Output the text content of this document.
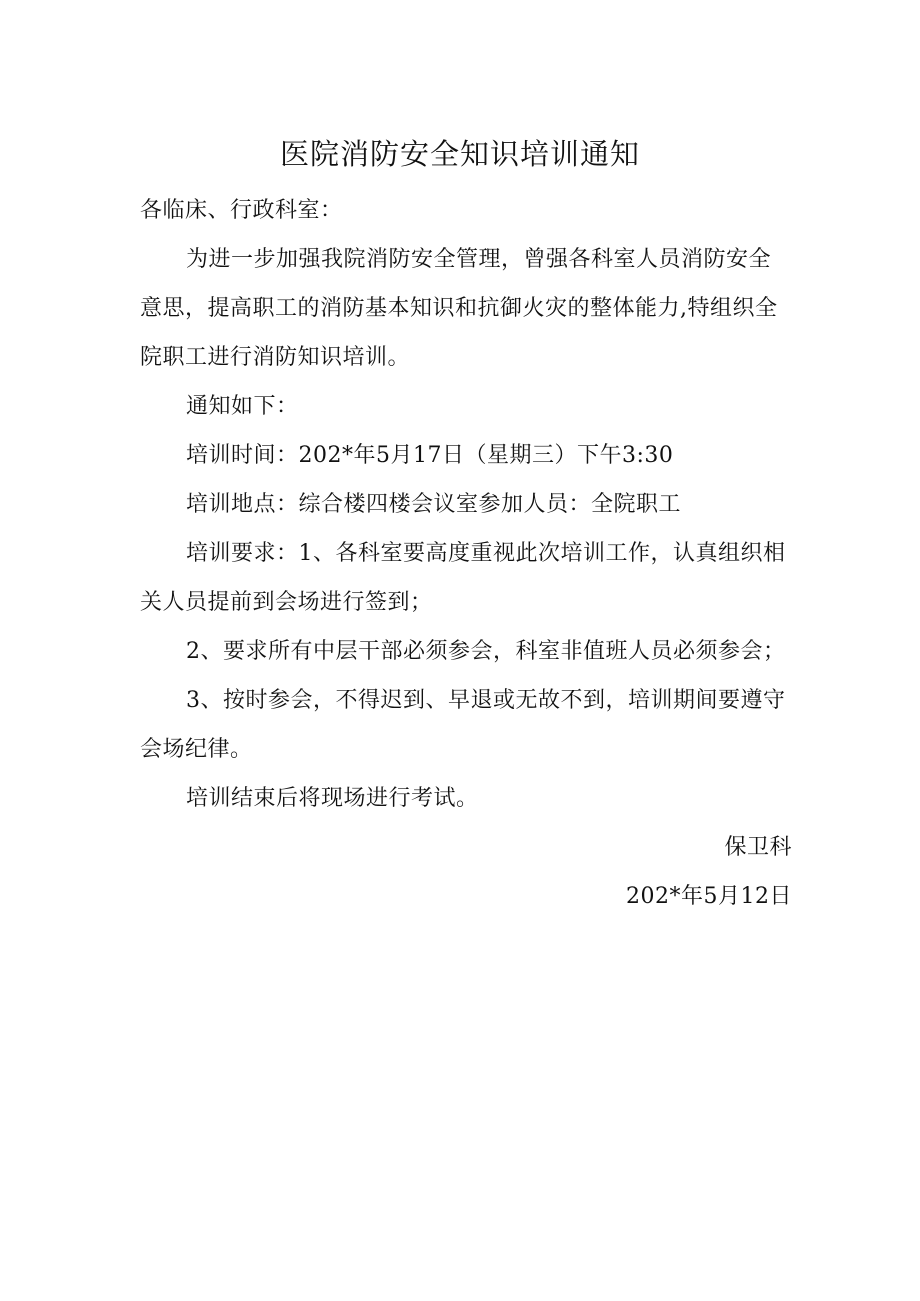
医院消防安全知识培训通知

各临床、行政科室：

为进一步加强我院消防安全管理，曾强各科室人员消防安全意思，提高职工的消防基本知识和抗御火灾的整体能力,特组织全院职工进行消防知识培训。

通知如下：

培训时间：202*年5月17日（星期三）下午3:30

培训地点：综合楼四楼会议室参加人员：全院职工

培训要求：1、各科室要高度重视此次培训工作，认真组织相关人员提前到会场进行签到；

2、要求所有中层干部必须参会，科室非值班人员必须参会；

3、按时参会，不得迟到、早退或无故不到，培训期间要遵守会场纪律。

培训结束后将现场进行考试。

保卫科

202*年5月12日
